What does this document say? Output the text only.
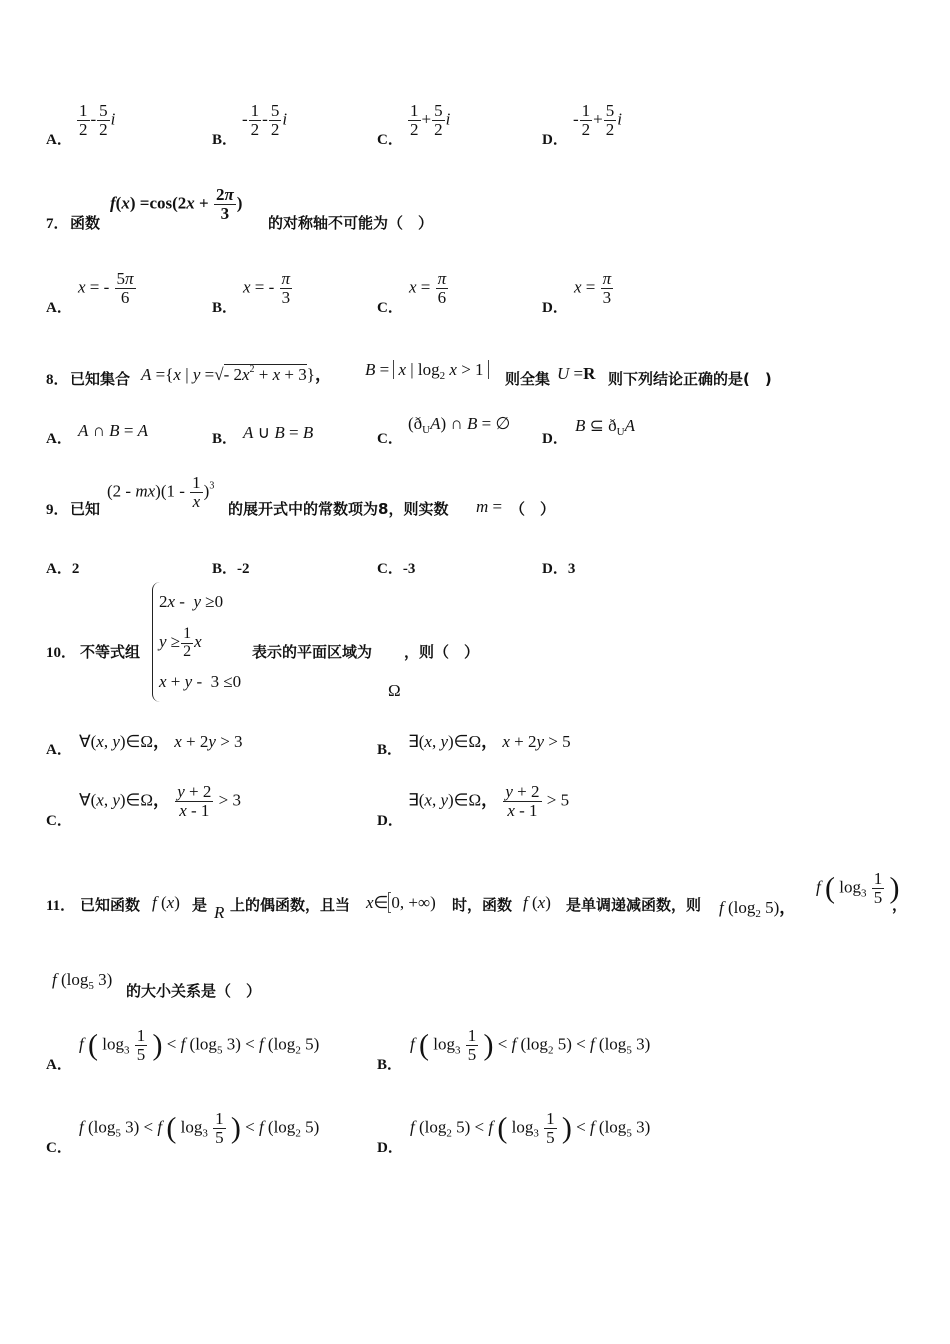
A．
$\frac{1}{2} - \frac{5}{2}$ i
B．
- $\frac{1}{2} - \frac{5}{2}$ i
C．
$\frac{1}{2} + \frac{5}{2}$ i
D．
- $\frac{1}{2} + \frac{5}{2}$ i
7． 函数
$f(x) =\cos(2x + \frac{2\pi}{3}$ )
的对称轴不可能为（　）
A．
x = - $\frac{5\pi}{6}$
B．
x = - $\frac{\pi}{3}$
C．
$x = \frac{\pi}{6}$
D．
$x = \frac{\pi}{3}$
8． 已知集合 A ={x | y =√- $2x^2 + x + 3$}， B = x | $\log_2 x > 1$	则全集 U =R 则下列结论正确的是(　)
A． A ∩ B = A	B． A ∪ B = B	C．
$(ð_UA)$ ∩ B = ∅
D．
B ⊆ $ð_UA$
9． 已知
$(2 - mx)(1 - \frac{1}{x} )^3$
的展开式中的常数项为8，则实数 m = （　）
A．2	B．-2	C．-3	D．3
10． 不等式组
2x -  y ≥0
$y \ge \frac{1}{2}$ x
x + y -  3 ≤0
表示的平面区域为 ，则（　）
Ω
A． ∀(x, y)∈Ω， x + 2y > 3	B． ∃(x, y)∈Ω， x + 2y > 5
C．
∀(x, y)∈Ω， $\frac{y + 2}{x - 1} > 3$
D．
∃(x, y)∈Ω， $\frac{y + 2}{x - 1} > 5$
11． 已知函数 f (x) 是 R 上的偶函数，且当 x∈ 0, +∞) 时，函数 f (x) 是单调递减函数，则 f ($\log_2$ 5)，
f ( $\log_3 \frac{1}{5}$ )
，
f ($\log_5$ 3)
的大小关系是（　）
A．
f ( $\log_3 \frac{1}{5}$ ) < f ($\log_5$ 3) < f ($\log_2$ 5)
B．
f ( $\log_3 \frac{1}{5}$ ) < f ($\log_2$ 5) < f ($\log_5$ 3)
C．
f ($\log_5$ 3) < f ( $\log_3 \frac{1}{5}$ ) < f ($\log_2$ 5)
D．
f ($\log_2$ 5) < f ( $\log_3 \frac{1}{5}$ ) < f ($\log_5$ 3)
